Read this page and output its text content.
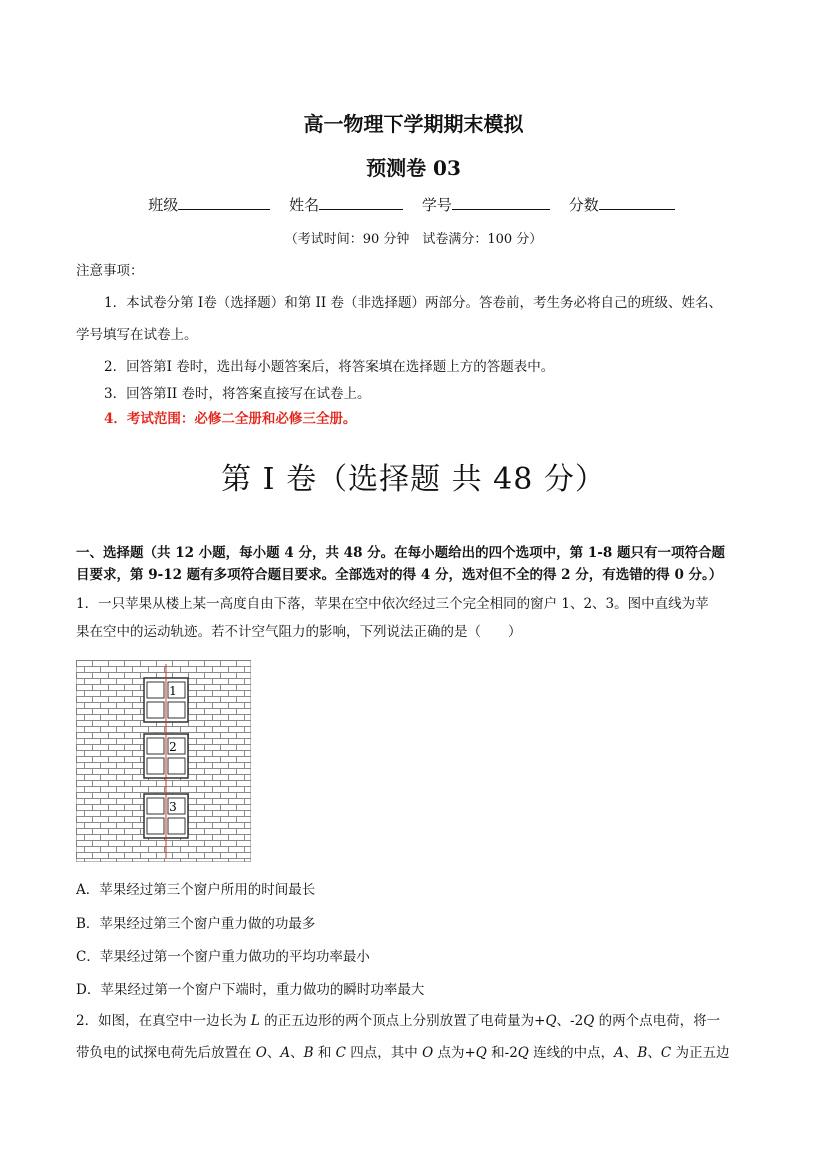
高一物理下学期期末模拟
预测卷 03
班级	姓名	学号	分数
（考试时间：90 分钟　试卷满分：100 分）
注意事项：
1．本试卷分第 I卷（选择题）和第 II 卷（非选择题）两部分。答卷前，考生务必将自己的班级、姓名、
学号填写在试卷上。
2．回答第I 卷时，选出每小题答案后，将答案填在选择题上方的答题表中。
3．回答第II 卷时，将答案直接写在试卷上。
4．考试范围：必修二全册和必修三全册。
第 I 卷（选择题 共 48 分）
一、选择题（共 12 小题，每小题 4 分，共 48 分。在每小题给出的四个选项中，第 1-8 题只有一项符合题
目要求，第 9-12 题有多项符合题目要求。全部选对的得 4 分，选对但不全的得 2 分，有选错的得 0 分。）
1．一只苹果从楼上某一高度自由下落，苹果在空中依次经过三个完全相同的窗户 1、2、3。图中直线为苹
果在空中的运动轨迹。若不计空气阻力的影响，下列说法正确的是（　　）
1
2
3
A．苹果经过第三个窗户所用的时间最长
B．苹果经过第三个窗户重力做的功最多
C．苹果经过第一个窗户重力做功的平均功率最小
D．苹果经过第一个窗户下端时，重力做功的瞬时功率最大
2．如图，在真空中一边长为 L 的正五边形的两个顶点上分别放置了电荷量为+Q、-2Q 的两个点电荷，将一
带负电的试探电荷先后放置在 O、A、B 和 C 四点，其中 O 点为+Q 和-2Q 连线的中点，A、B、C 为正五边
